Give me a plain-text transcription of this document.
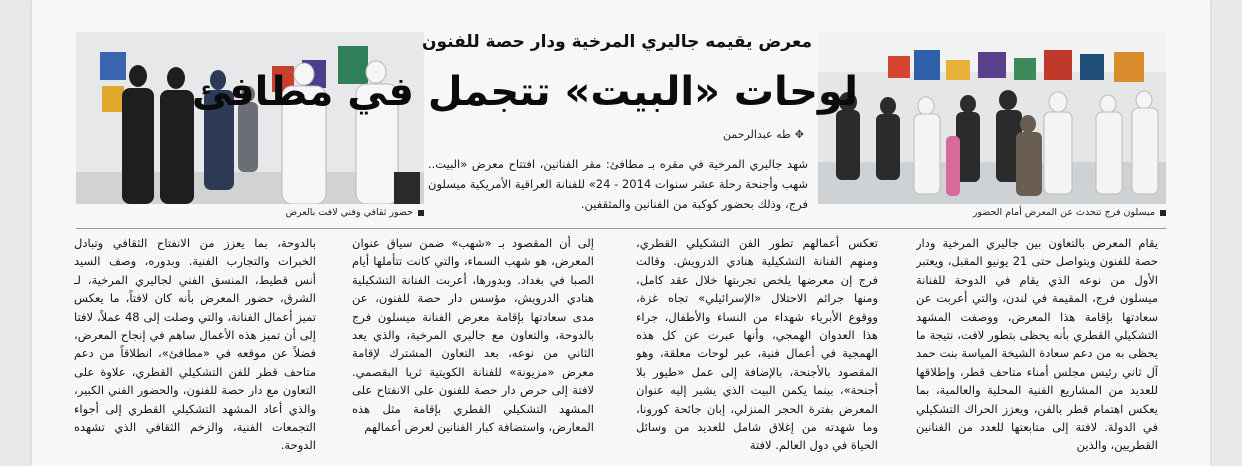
معرض يقيمه جاليري المرخية ودار حصة للفنون
لوحات «البيت» تتجمل في مطافئ
✥طه عبدالرحمن
شهد جاليري المرخية في مقره بـ مطافئ: مقر الفنانين، افتتاح معرض «البيت.. شهب وأجنحة رحلة عشر سنوات 2014 - 24» للفنانة العراقية الأمريكية ميسلون فرج، وذلك بحضور كوكبة من الفنانين والمثقفين.
ميسلون فرج تتحدث عن المعرض أمام الحضور
حضور ثقافي وفني لافت بالعرض

يقام المعرض بالتعاون بين جاليري المرخية ودار حصة للفنون ويتواصل حتى 21 يونيو المقبل، ويعتبر الأول من نوعه الذي يقام في الدوحة للفنانة ميسلون فرج، المقيمة في لندن، والتي أعربت عن سعادتها بإقامة هذا المعرض، ووصفت المشهد التشكيلي القطري بأنه يحظى بتطور لافت، نتيجة ما يحظى به من دعم سعادة الشيخة المياسة بنت حمد آل ثاني رئيس مجلس أمناء متاحف قطر، وإطلاقها للعديد من المشاريع الفنية المحلية والعالمية، بما يعكس اهتمام قطر بالفن، ويعزز الحراك التشكيلي في الدولة. لافتة إلى متابعتها للعدد من الفنانين القطريين، والذين

تعكس أعمالهم تطور الفن التشكيلي القطري، ومنهم الفنانة التشكيلية هنادي الدرويش. وقالت فرج إن معرضها يلخص تجربتها خلال عقد كامل، ومنها جرائم الاحتلال «الإسرائيلي» تجاه غزة، ووقوع الأبرياء شهداء من النساء والأطفال، جراء هذا العدوان الهمجي، وأنها عبرت عن كل هذه الهمجية في أعمال فنية، عبر لوحات معلقة، وهو المقصود بالأجنحة، بالإضافة إلى عمل «طيور بلا أجنحة»، بينما يكمن البيت الذي يشير إليه عنوان المعرض بفترة الحجر المنزلي، إبان جائحة كورونا، وما شهدته من إغلاق شامل للعديد من وسائل الحياة في دول العالم. لافتة

إلى أن المقصود بـ «شهب» ضمن سياق عنوان المعرض، هو شهب السماء، والتي كانت تتأملها أيام الصبا في بغداد. وبدورها، أعربت الفنانة التشكيلية هنادي الدرويش، مؤسس دار حصة للفنون، عن مدى سعادتها بإقامة معرض الفنانة ميسلون فرج بالدوحة، والتعاون مع جاليري المرخية، والذي يعد الثاني من نوعه، بعد التعاون المشترك لإقامة معرض «مزيونة» للفنانة الكويتية ثريا البقصمي. لافتة إلى حرص دار حصة للفنون على الانفتاح على المشهد التشكيلي القطري بإقامة مثل هذه المعارض، واستضافة كبار الفنانين لعرض أعمالهم

بالدوحة، بما يعزز من الانفتاح الثقافي وتبادل الخبرات والتجارب الفنية. وبدوره، وصف السيد أنس قطيط، المنسق الفني لجاليري المرخية، لـ الشرق، حضور المعرض بأنه كان لافتاً، ما يعكس تميز أعمال الفنانة، والتي وصلت إلى 48 عملاً، لافتا إلى أن تميز هذه الأعمال ساهم في إنجاح المعرض، فضلاً عن موقعه في «مطافئ»، انطلاقاً من دعم متاحف قطر للفن التشكيلي القطري، علاوة على التعاون مع دار حصة للفنون، والحضور الفني الكبير، والذي أعاد المشهد التشكيلي القطري إلى أجواء التجمعات الفنية، والزخم الثقافي الذي تشهده الدوحة.
